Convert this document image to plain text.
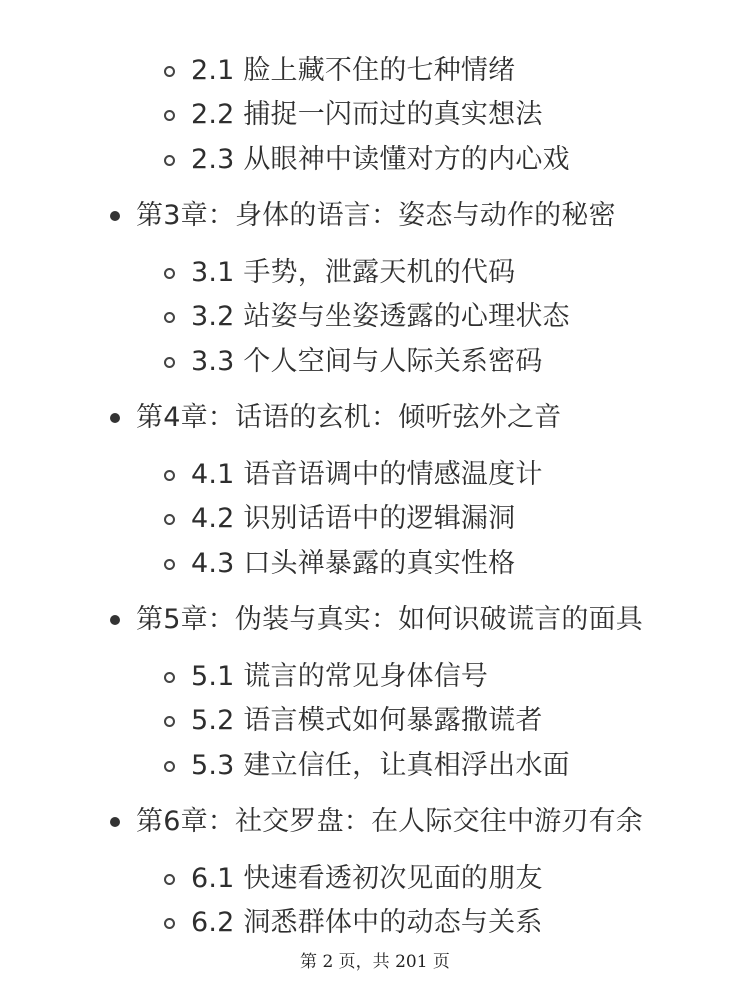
2.1 脸上藏不住的七种情绪
2.2 捕捉一闪而过的真实想法
2.3 从眼神中读懂对方的内心戏
第3章：身体的语言：姿态与动作的秘密
3.1 手势，泄露天机的代码
3.2 站姿与坐姿透露的心理状态
3.3 个人空间与人际关系密码
第4章：话语的玄机：倾听弦外之音
4.1 语音语调中的情感温度计
4.2 识别话语中的逻辑漏洞
4.3 口头禅暴露的真实性格
第5章：伪装与真实：如何识破谎言的面具
5.1 谎言的常见身体信号
5.2 语言模式如何暴露撒谎者
5.3 建立信任，让真相浮出水面
第6章：社交罗盘：在人际交往中游刃有余
6.1 快速看透初次见面的朋友
6.2 洞悉群体中的动态与关系
第 2 页，共 201 页
